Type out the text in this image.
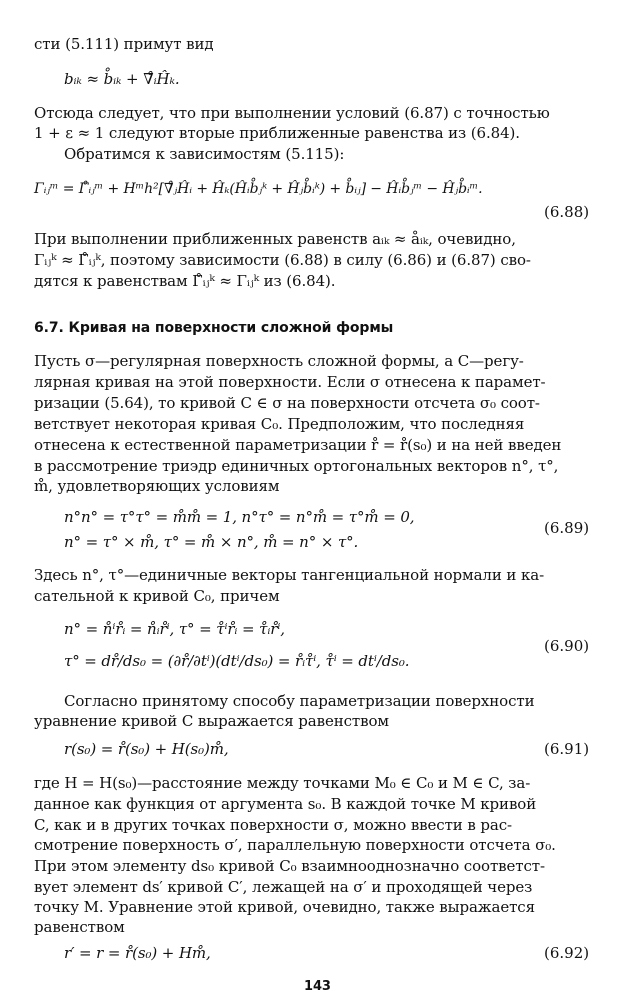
сти (5.111) примут вид
bᵢₖ ≈ b̊ᵢₖ + ∇̊ᵢĤₖ.
Отсюда следует, что при выполнении условий (6.87) с точностью
1 + ε ≈ 1 следуют вторые приближенные равенства из (6.84).
Обратимся к зависимостям (5.115):
Γᵢⱼᵐ = Γ̊ᵢⱼᵐ + Hᵐh²[∇̊ⱼĤᵢ + Ĥₖ(Ĥᵢb̊ⱼᵏ + Ĥⱼb̊ᵢᵏ) + b̊ᵢⱼ] − Ĥᵢb̊ⱼᵐ − Ĥⱼb̊ᵢᵐ.
(6.88)
При выполнении приближенных равенств aᵢₖ ≈ åᵢₖ, очевидно,
Γᵢⱼᵏ ≈ Γ̊ᵢⱼᵏ, поэтому зависимости (6.88) в силу (6.86) и (6.87) сво-
дятся к равенствам Γ̊ᵢⱼᵏ ≈ Γᵢⱼᵏ из (6.84).
6.7. Кривая на поверхности сложной формы
Пусть σ—регулярная поверхность сложной формы, а C—регу-
лярная кривая на этой поверхности. Если σ отнесена к парамет-
ризации (5.64), то кривой C ∈ σ на поверхности отсчета σ₀ соот-
ветствует некоторая кривая C₀. Предположим, что последняя
отнесена к естественной параметризации r̊ = r̊(s₀) и на ней введен
в рассмотрение триэдр единичных ортогональных векторов n°, τ°,
m̊, удовлетворяющих условиям
n°n° = τ°τ° = m̊m̊ = 1, n°τ° = n°m̊ = τ°m̊ = 0,
n° = τ° × m̊, τ° = m̊ × n°, m̊ = n° × τ°.
(6.89)
Здесь n°, τ°—единичные векторы тангенциальной нормали и ка-
сательной к кривой C₀, причем
n° = n̊ⁱr̊ᵢ = n̊ᵢr̊ⁱ, τ° = τ̊ⁱr̊ᵢ = τ̊ᵢr̊ⁱ,
τ° = dr̊/ds₀ = (∂r̊/∂tⁱ)(dtⁱ/ds₀) = r̊ᵢτ̊ⁱ, τ̊ⁱ = dtⁱ/ds₀.
(6.90)
Согласно принятому способу параметризации поверхности
уравнение кривой C выражается равенством
r(s₀) = r̊(s₀) + H(s₀)m̊,	(6.91)
где H = H(s₀)—расстояние между точками M₀ ∈ C₀ и M ∈ C, за-
данное как функция от аргумента s₀. В каждой точке M кривой
C, как и в других точках поверхности σ, можно ввести в рас-
смотрение поверхность σ′, параллельную поверхности отсчета σ₀.
При этом элементу ds₀ кривой C₀ взаимнооднозначно соответст-
вует элемент ds′ кривой C′, лежащей на σ′ и проходящей через
точку M. Уравнение этой кривой, очевидно, также выражается
равенством
r′ = r = r̊(s₀) + Hm̊,	(6.92)
143
